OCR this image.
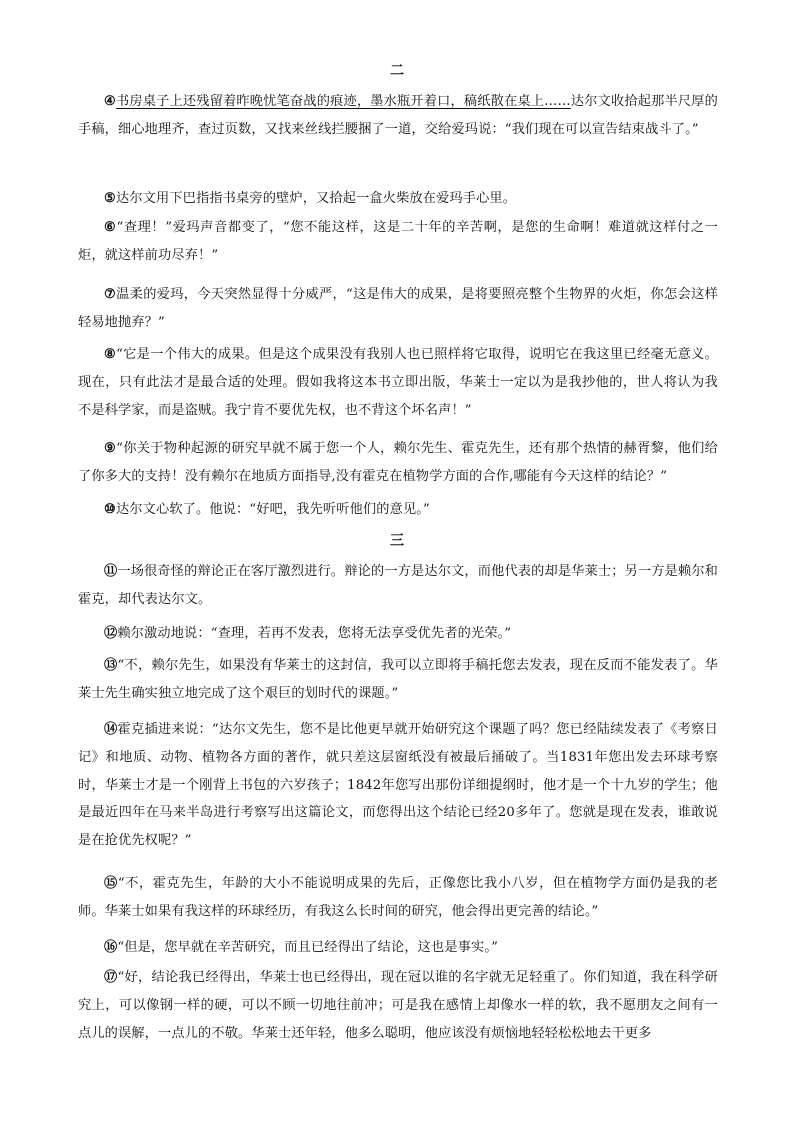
二

④书房桌子上还残留着昨晚忧笔奋战的痕迹，墨水瓶开着口，稿纸散在桌上……达尔文收拾起那半尺厚的手稿，细心地理齐，查过页数，又找来丝线拦腰捆了一道，交给爱玛说：“我们现在可以宣告结束战斗了。”

⑤达尔文用下巴指指书桌旁的壁炉，又拾起一盒火柴放在爱玛手心里。

⑥“查理！”爱玛声音都变了，“您不能这样，这是二十年的辛苦啊，是您的生命啊！难道就这样付之一炬，就这样前功尽弃！”

⑦温柔的爱玛，今天突然显得十分威严，“这是伟大的成果，是将要照亮整个生物界的火炬，你怎会这样轻易地抛弃？”

⑧“它是一个伟大的成果。但是这个成果没有我别人也已照样将它取得，说明它在我这里已经毫无意义。现在，只有此法才是最合适的处理。假如我将这本书立即出版，华莱士一定以为是我抄他的，世人将认为我不是科学家，而是盗贼。我宁肯不要优先权，也不背这个坏名声！”

⑨“你关于物种起源的研究早就不属于您一个人，赖尔先生、霍克先生，还有那个热情的赫胥黎，他们给了你多大的支持！没有赖尔在地质方面指导,没有霍克在植物学方面的合作,哪能有今天这样的结论？”

⑩达尔文心软了。他说：“好吧，我先听听他们的意见。”

三

⑪一场很奇怪的辩论正在客厅激烈进行。辩论的一方是达尔文，而他代表的却是华莱士；另一方是赖尔和霍克，却代表达尔文。

⑫赖尔激动地说：“查理，若再不发表，您将无法享受优先者的光荣。”

⑬“不，赖尔先生，如果没有华莱士的这封信，我可以立即将手稿托您去发表，现在反而不能发表了。华莱士先生确实独立地完成了这个艰巨的划时代的课题。”

⑭霍克插进来说：“达尔文先生，您不是比他更早就开始研究这个课题了吗？您已经陆续发表了《考察日记》和地质、动物、植物各方面的著作，就只差这层窗纸没有被最后捅破了。当1831年您出发去环球考察时，华莱士才是一个刚背上书包的六岁孩子；1842年您写出那份详细提纲时，他才是一个十九岁的学生；他是最近四年在马来半岛进行考察写出这篇论文，而您得出这个结论已经20多年了。您就是现在发表，谁敢说是在抢优先权呢？”

⑮“不，霍克先生，年龄的大小不能说明成果的先后，正像您比我小八岁，但在植物学方面仍是我的老师。华莱士如果有我这样的环球经历，有我这么长时间的研究，他会得出更完善的结论。”

⑯“但是，您早就在辛苦研究，而且已经得出了结论，这也是事实。”

⑰“好，结论我已经得出，华莱士也已经得出，现在冠以谁的名字就无足轻重了。你们知道，我在科学研究上，可以像钢一样的硬，可以不顾一切地往前冲；可是我在感情上却像水一样的软，我不愿朋友之间有一点儿的误解，一点儿的不敬。华莱士还年轻，他多么聪明，他应该没有烦恼地轻轻松松地去干更多
